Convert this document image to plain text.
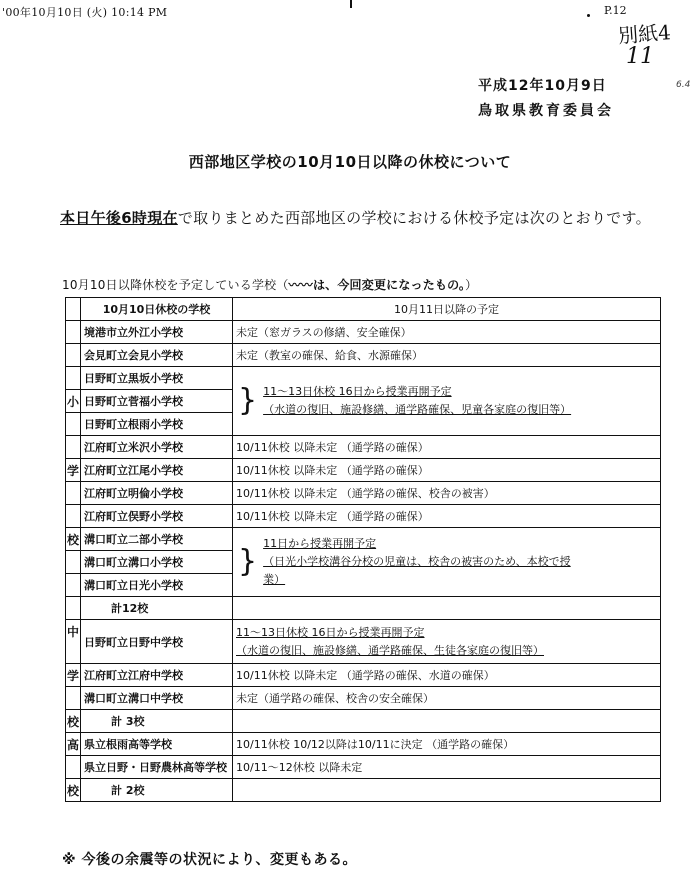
'00年10月10日 (火) 10:14 PM	P.12
別紙4
11
6.4
平成12年10月9日
鳥取県教育委員会
西部地区学校の10月10日以降の休校について
本日午後6時現在で取りまとめた西部地区の学校における休校予定は次のとおりです。
10月10日以降休校を予定している学校（〰〰は、今回変更になったもの。）
	10月10日休校の学校	10月11日以降の予定
	境港市立外江小学校	未定（窓ガラスの修繕、安全確保）
	会見町立会見小学校	未定（教室の確保、給食、水源確保）
	日野町立黒坂小学校	} 11～13日休校 16日から授業再開予定
（水道の復旧、施設修繕、通学路確保、児童各家庭の復旧等）

小	日野町立菅福小学校	
	日野町立根雨小学校	
	江府町立米沢小学校	10/11休校 以降未定 （通学路の確保）
学	江府町立江尾小学校	10/11休校 以降未定 （通学路の確保）
	江府町立明倫小学校	10/11休校 以降未定 （通学路の確保、校舎の被害）
	江府町立俣野小学校	10/11休校 以降未定 （通学路の確保）
校	溝口町立二部小学校	}
11日から授業再開予定
（日光小学校溝谷分校の児童は、校舎の被害のため、本校で授
業）

	溝口町立溝口小学校	
	溝口町立日光小学校	
	計12校	
中	日野町立日野中学校	11～13日休校 16日から授業再開予定
（水道の復旧、施設修繕、通学路確保、生徒各家庭の復旧等）

学	江府町立江府中学校	10/11休校 以降未定 （通学路の確保、水道の確保）
	溝口町立溝口中学校	未定（通学路の確保、校舎の安全確保）
校	計 3校	
高	県立根雨高等学校	10/11休校 10/12以降は10/11に決定 （通学路の確保）
	県立日野・日野農林高等学校	10/11～12休校 以降未定
校	計 2校	
※ 今後の余震等の状況により、変更もある。
